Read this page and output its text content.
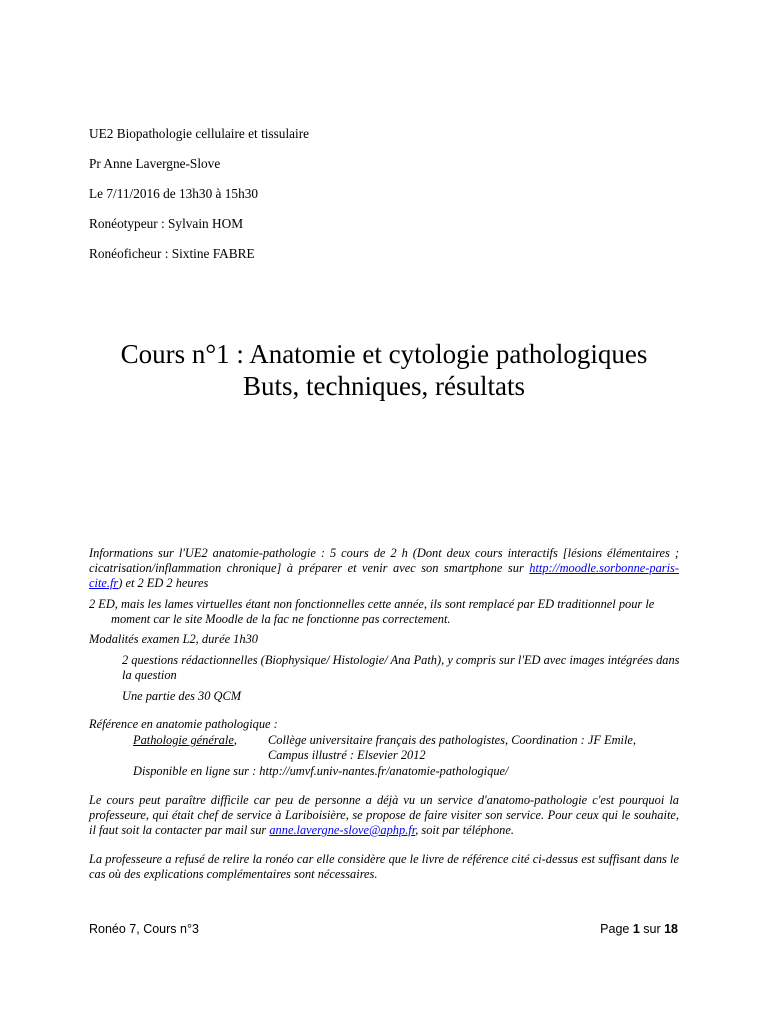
UE2 Biopathologie cellulaire et tissulaire
Pr Anne Lavergne-Slove
Le 7/11/2016 de 13h30 à 15h30
Ronéotypeur : Sylvain HOM
Ronéoficheur : Sixtine FABRE
Cours n°1 : Anatomie et cytologie pathologiques
Buts, techniques, résultats
Informations sur l'UE2 anatomie-pathologie : 5 cours de 2 h (Dont deux cours interactifs [lésions élémentaires ; cicatrisation/inflammation chronique] à préparer et venir avec son smartphone sur http://moodle.sorbonne-paris-cite.fr) et 2 ED 2 heures
2 ED, mais les lames virtuelles étant non fonctionnelles cette année, ils sont remplacé par ED traditionnel pour le moment car le site Moodle de la fac ne fonctionne pas correctement.
Modalités examen L2, durée 1h30
2 questions rédactionnelles (Biophysique/ Histologie/ Ana Path), y compris sur l'ED avec images intégrées dans la question
Une partie des 30 QCM
Référence en anatomie pathologique :
Pathologie générale,	Collège universitaire français des pathologistes, Coordination : JF Emile, Campus illustré : Elsevier 2012
Disponible en ligne sur : http://umvf.univ-nantes.fr/anatomie-pathologique/
Le cours peut paraître difficile car peu de personne a déjà vu un service d'anatomo-pathologie c'est pourquoi la professeure, qui était chef de service à Lariboisière, se propose de faire visiter son service. Pour ceux qui le souhaite, il faut soit la contacter par mail sur anne.lavergne-slove@aphp.fr, soit par téléphone.
La professeure a refusé de relire la ronéo car elle considère que le livre de référence cité ci-dessus est suffisant dans le cas où des explications complémentaires sont nécessaires.
Ronéo 7, Cours n°3	Page 1 sur 18
